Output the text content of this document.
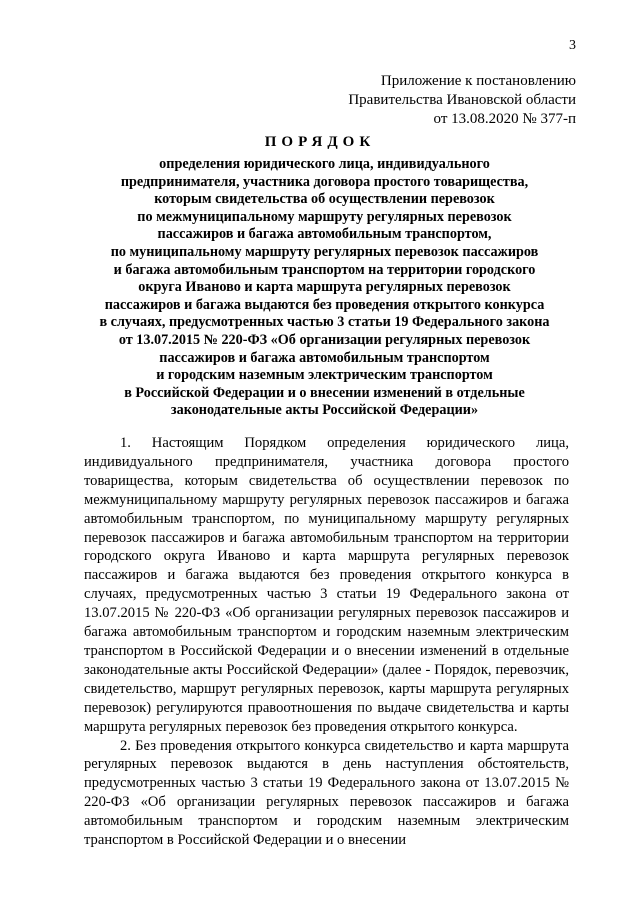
3
Приложение к постановлению
Правительства Ивановской области
от 13.08.2020 № 377-п
ПОРЯДОК
определения юридического лица, индивидуального
предпринимателя, участника договора простого товарищества,
которым свидетельства об осуществлении перевозок
по межмуниципальному маршруту регулярных перевозок
пассажиров и багажа автомобильным транспортом,
по муниципальному маршруту регулярных перевозок пассажиров
и багажа автомобильным транспортом на территории городского
округа Иваново и карта маршрута регулярных перевозок
пассажиров и багажа выдаются без проведения открытого конкурса
в случаях, предусмотренных частью 3 статьи 19 Федерального закона
от 13.07.2015 № 220-ФЗ «Об организации регулярных перевозок
пассажиров и багажа автомобильным транспортом
и городским наземным электрическим транспортом
в Российской Федерации и о внесении изменений в отдельные
законодательные акты Российской Федерации»

1. Настоящим Порядком определения юридического лица, индивидуального предпринимателя, участника договора простого товарищества, которым свидетельства об осуществлении перевозок по межмуниципальному маршруту регулярных перевозок пассажиров и багажа автомобильным транспортом, по муниципальному маршруту регулярных перевозок пассажиров и багажа автомобильным транспортом на территории городского округа Иваново и карта маршрута регулярных перевозок пассажиров и багажа выдаются без проведения открытого конкурса в случаях, предусмотренных частью 3 статьи 19 Федерального закона от 13.07.2015 № 220-ФЗ «Об организации регулярных перевозок пассажиров и багажа автомобильным транспортом и городским наземным электрическим транспортом в Российской Федерации и о внесении изменений в отдельные законодательные акты Российской Федерации» (далее - Порядок, перевозчик, свидетельство, маршрут регулярных перевозок, карты маршрута регулярных перевозок) регулируются правоотношения по выдаче свидетельства и карты маршрута регулярных перевозок без проведения открытого конкурса.

2. Без проведения открытого конкурса свидетельство и карта маршрута регулярных перевозок выдаются в день наступления обстоятельств, предусмотренных частью 3 статьи 19 Федерального закона от 13.07.2015 № 220-ФЗ «Об организации регулярных перевозок пассажиров и багажа автомобильным транспортом и городским наземным электрическим транспортом в Российской Федерации и о внесении
